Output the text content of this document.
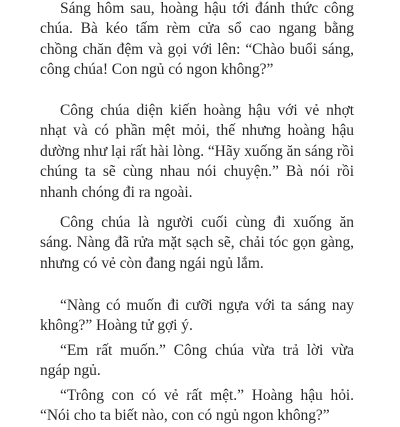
Sáng hôm sau, hoàng hậu tới đánh thức công chúa. Bà kéo tấm rèm cửa sổ cao ngang bằng chồng chăn đệm và gọi với lên: “Chào buổi sáng, công chúa! Con ngủ có ngon không?”

Công chúa diện kiến hoàng hậu với vẻ nhợt nhạt và có phần mệt mỏi, thế nhưng hoàng hậu dường như lại rất hài lòng. “Hãy xuống ăn sáng rồi chúng ta sẽ cùng nhau nói chuyện.” Bà nói rồi nhanh chóng đi ra ngoài.

Công chúa là người cuối cùng đi xuống ăn sáng. Nàng đã rửa mặt sạch sẽ, chải tóc gọn gàng, nhưng có vẻ còn đang ngái ngủ lắm.

“Nàng có muốn đi cưỡi ngựa với ta sáng nay không?” Hoàng tử gợi ý.

“Em rất muốn.” Công chúa vừa trả lời vừa ngáp ngủ.

“Trông con có vẻ rất mệt.” Hoàng hậu hỏi. “Nói cho ta biết nào, con có ngủ ngon không?”
